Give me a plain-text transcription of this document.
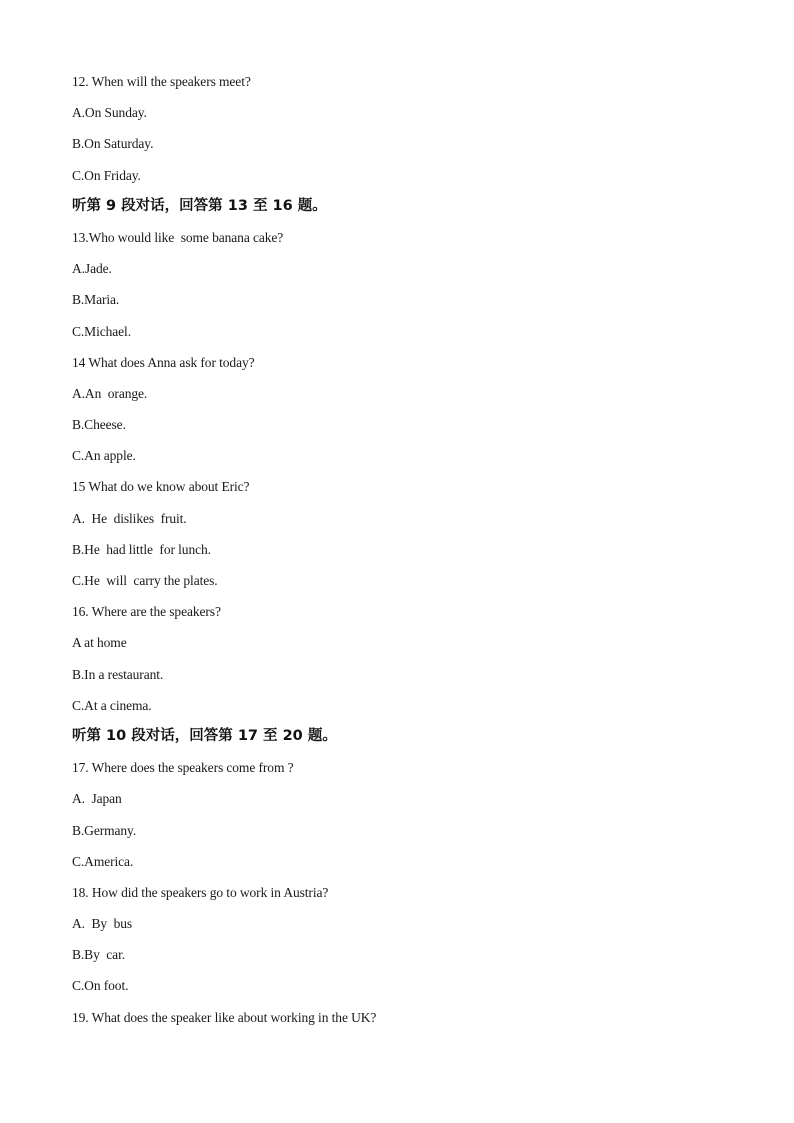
12. When will the speakers meet?
A.On Sunday.
B.On Saturday.
C.On Friday.
听第 9 段对话，回答第 13 至 16 题。
13.Who would like  some banana cake?
A.Jade.
B.Maria.
C.Michael.
14 What does Anna ask for today?
A.An  orange.
B.Cheese.
C.An apple.
15 What do we know about Eric?
A.  He  dislikes  fruit.
B.He  had little  for lunch.
C.He  will  carry the plates.
16. Where are the speakers?
A at home
B.In a restaurant.
C.At a cinema.
听第 10 段对话，回答第 17 至 20 题。
17. Where does the speakers come from ?
A.  Japan
B.Germany.
C.America.
18. How did the speakers go to work in Austria?
A.  By  bus
B.By  car.
C.On foot.
19. What does the speaker like about working in the UK?
